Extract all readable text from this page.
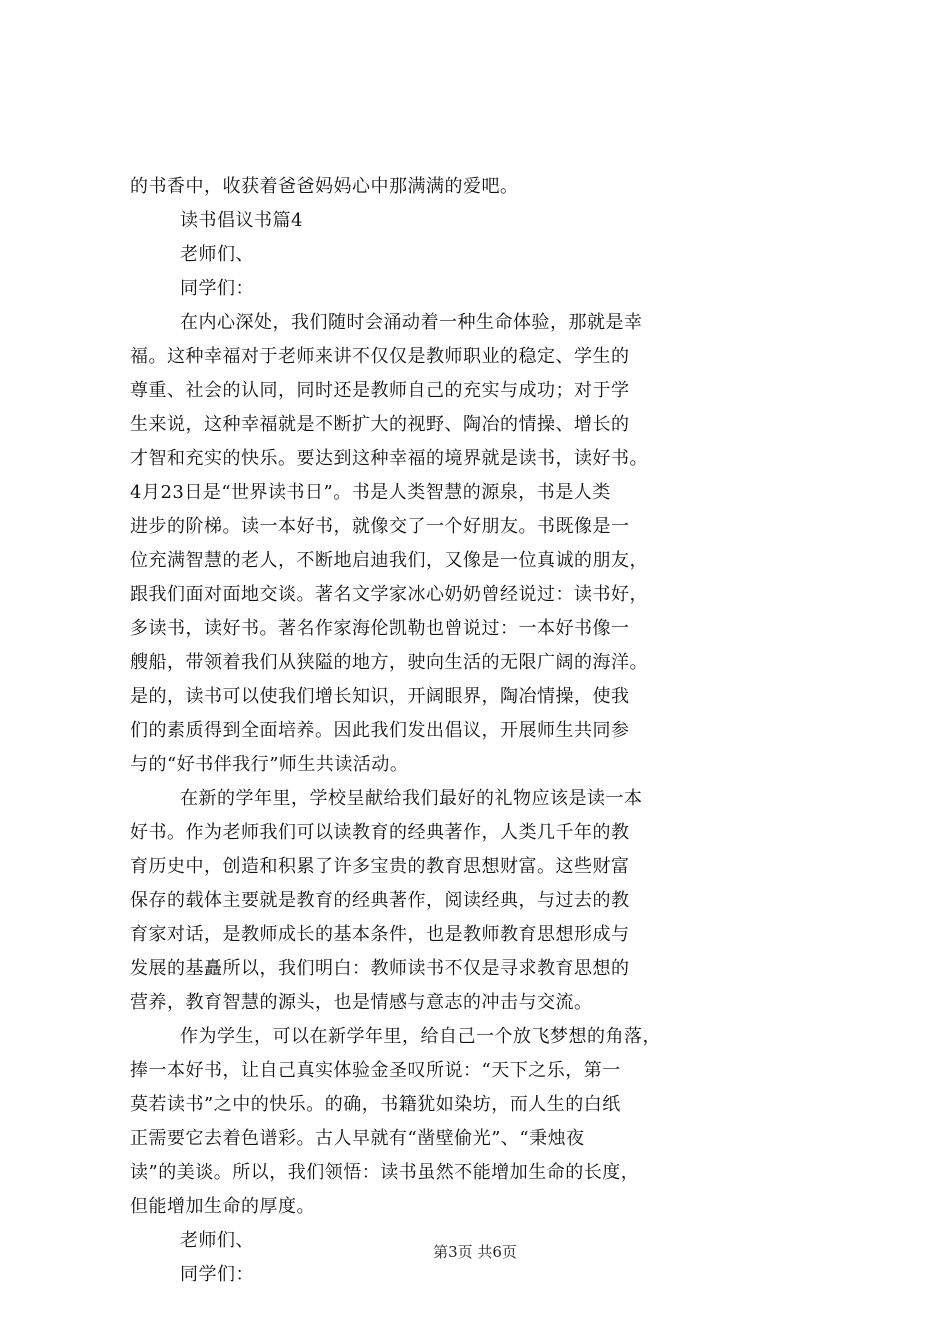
的书香中，收获着爸爸妈妈心中那满满的爱吧。
读书倡议书篇4
老师们、
同学们：
在内心深处，我们随时会涌动着一种生命体验，那就是幸
福。这种幸福对于老师来讲不仅仅是教师职业的稳定、学生的
尊重、社会的认同，同时还是教师自己的充实与成功；对于学
生来说，这种幸福就是不断扩大的视野、陶冶的情操、增长的
才智和充实的快乐。要达到这种幸福的境界就是读书，读好书。
4月23日是“世界读书日”。书是人类智慧的源泉，书是人类
进步的阶梯。读一本好书，就像交了一个好朋友。书既像是一
位充满智慧的老人，不断地启迪我们，又像是一位真诚的朋友，
跟我们面对面地交谈。著名文学家冰心奶奶曾经说过：读书好，
多读书，读好书。著名作家海伦凯勒也曾说过：一本好书像一
艘船，带领着我们从狭隘的地方，驶向生活的无限广阔的海洋。
是的，读书可以使我们增长知识，开阔眼界，陶冶情操，使我
们的素质得到全面培养。因此我们发出倡议，开展师生共同参
与的“好书伴我行”师生共读活动。
在新的学年里，学校呈献给我们最好的礼物应该是读一本
好书。作为老师我们可以读教育的经典著作，人类几千年的教
育历史中，创造和积累了许多宝贵的教育思想财富。这些财富
保存的载体主要就是教育的经典著作，阅读经典，与过去的教
育家对话，是教师成长的基本条件，也是教师教育思想形成与
发展的基矗所以，我们明白：教师读书不仅是寻求教育思想的
营养，教育智慧的源头，也是情感与意志的冲击与交流。
作为学生，可以在新学年里，给自己一个放飞梦想的角落，
捧一本好书，让自己真实体验金圣叹所说：“天下之乐，第一
莫若读书”之中的快乐。的确，书籍犹如染坊，而人生的白纸
正需要它去着色谱彩。古人早就有“凿壁偷光”、“秉烛夜
读”的美谈。所以，我们领悟：读书虽然不能增加生命的长度，
但能增加生命的厚度。
老师们、
同学们：
第3页 共6页
